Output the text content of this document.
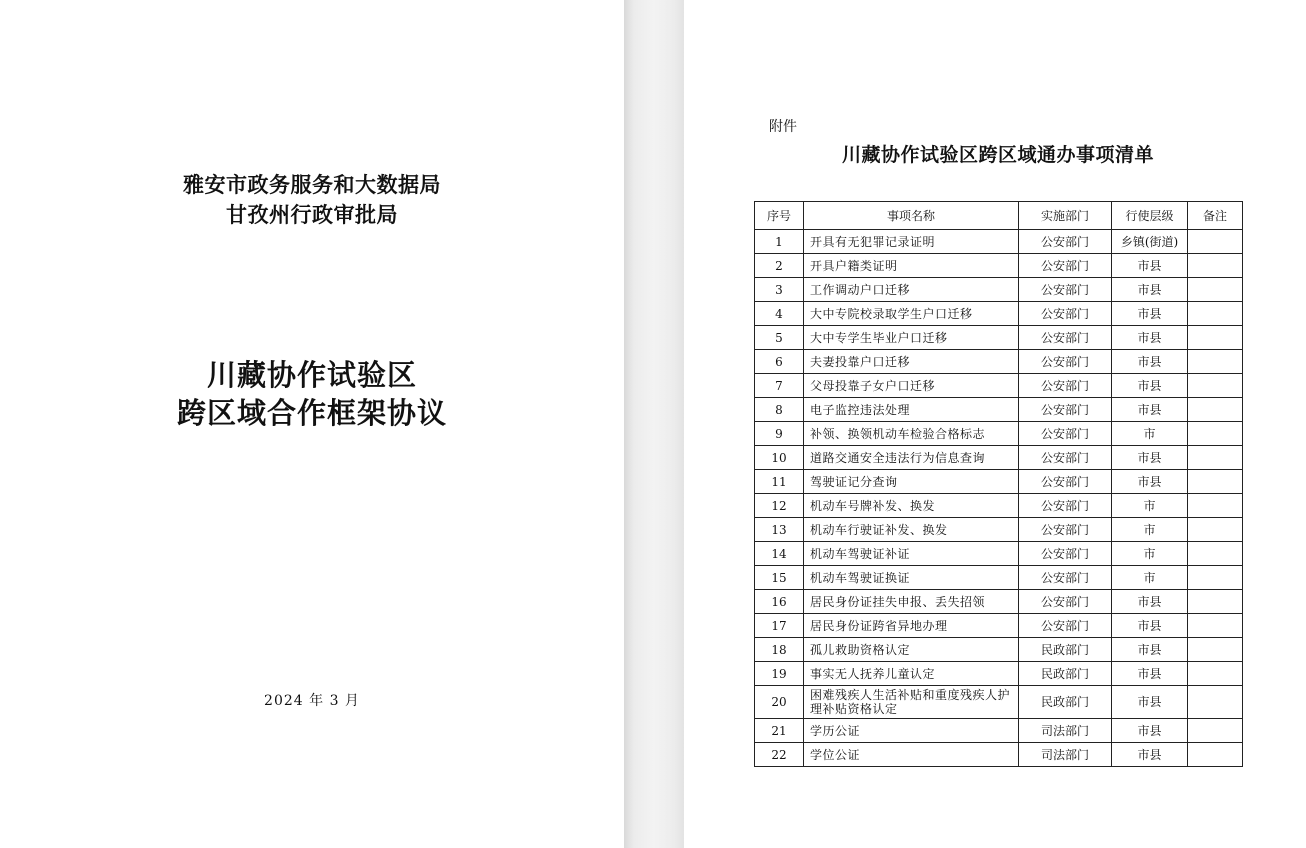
雅安市政务服务和大数据局
甘孜州行政审批局
川藏协作试验区
跨区域合作框架协议
2024 年 3 月
附件
川藏协作试验区跨区域通办事项清单
序号	事项名称	实施部门	行使层级	备注
1	开具有无犯罪记录证明	公安部门	乡镇(街道)	
2	开具户籍类证明	公安部门	市县	
3	工作调动户口迁移	公安部门	市县	
4	大中专院校录取学生户口迁移	公安部门	市县	
5	大中专学生毕业户口迁移	公安部门	市县	
6	夫妻投靠户口迁移	公安部门	市县	
7	父母投靠子女户口迁移	公安部门	市县	
8	电子监控违法处理	公安部门	市县	
9	补领、换领机动车检验合格标志	公安部门	市	
10	道路交通安全违法行为信息查询	公安部门	市县	
11	驾驶证记分查询	公安部门	市县	
12	机动车号牌补发、换发	公安部门	市	
13	机动车行驶证补发、换发	公安部门	市	
14	机动车驾驶证补证	公安部门	市	
15	机动车驾驶证换证	公安部门	市	
16	居民身份证挂失申报、丢失招领	公安部门	市县	
17	居民身份证跨省异地办理	公安部门	市县	
18	孤儿救助资格认定	民政部门	市县	
19	事实无人抚养儿童认定	民政部门	市县	
20	困难残疾人生活补贴和重度残疾人护理补贴资格认定	民政部门	市县	
21	学历公证	司法部门	市县	
22	学位公证	司法部门	市县	
